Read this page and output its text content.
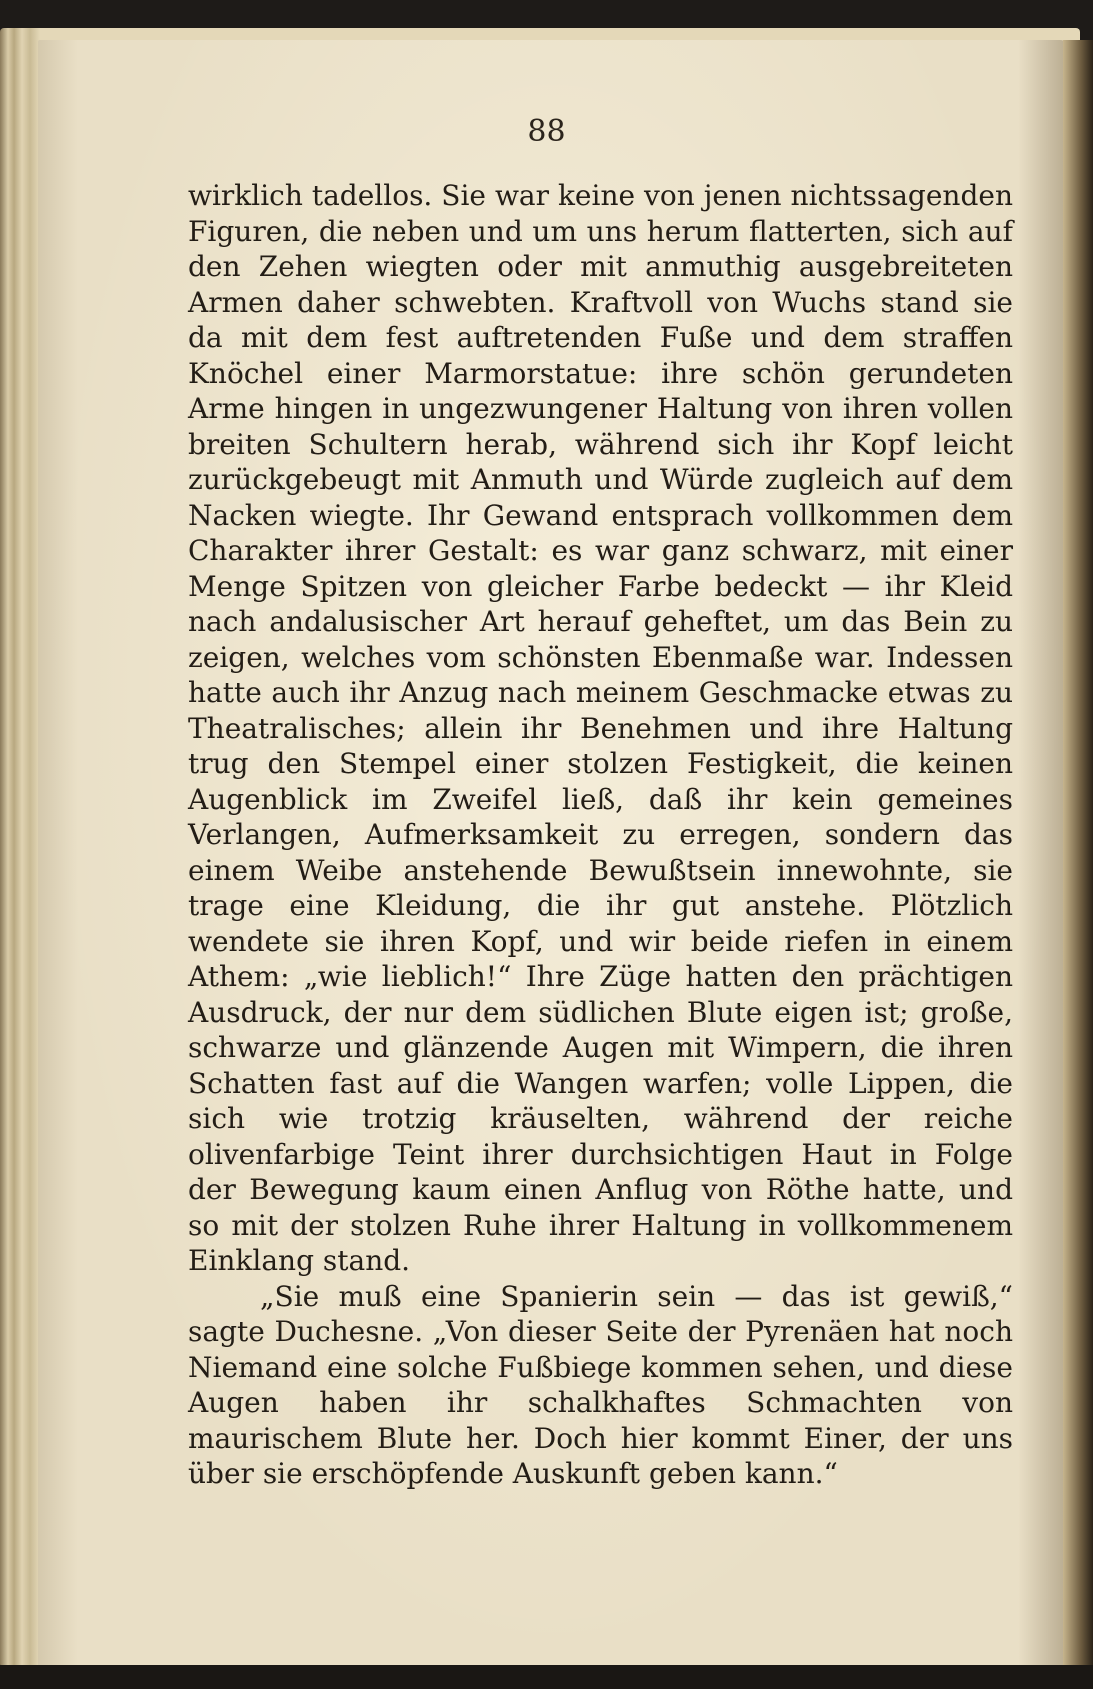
88

wirklich tadellos. Sie war keine von jenen nichtssagenden Figuren, die neben und um uns herum flatterten, sich auf den Zehen wiegten oder mit anmuthig ausgebreiteten Armen daher schwebten. Kraftvoll von Wuchs stand sie da mit dem fest auftretenden Fuße und dem straffen Knöchel einer Marmorstatue: ihre schön gerundeten Arme hingen in ungezwungener Haltung von ihren vollen breiten Schultern herab, während sich ihr Kopf leicht zurückgebeugt mit Anmuth und Würde zugleich auf dem Nacken wiegte. Ihr Gewand entsprach vollkommen dem Charakter ihrer Gestalt: es war ganz schwarz, mit einer Menge Spitzen von gleicher Farbe bedeckt — ihr Kleid nach andalusischer Art herauf geheftet, um das Bein zu zeigen, welches vom schönsten Ebenmaße war. Indessen hatte auch ihr Anzug nach meinem Geschmacke etwas zu Theatralisches; allein ihr Benehmen und ihre Haltung trug den Stempel einer stolzen Festigkeit, die keinen Augenblick im Zweifel ließ, daß ihr kein gemeines Verlangen, Aufmerksamkeit zu erregen, sondern das einem Weibe anstehende Bewußtsein innewohnte, sie trage eine Kleidung, die ihr gut anstehe. Plötzlich wendete sie ihren Kopf, und wir beide riefen in einem Athem: „wie lieblich!“ Ihre Züge hatten den prächtigen Ausdruck, der nur dem südlichen Blute eigen ist; große, schwarze und glänzende Augen mit Wimpern, die ihren Schatten fast auf die Wangen warfen; volle Lippen, die sich wie trotzig kräuselten, während der reiche olivenfarbige Teint ihrer durchsichtigen Haut in Folge der Bewegung kaum einen Anflug von Röthe hatte, und so mit der stolzen Ruhe ihrer Haltung in vollkommenem Einklang stand.

„Sie muß eine Spanierin sein — das ist gewiß,“ sagte Duchesne. „Von dieser Seite der Pyrenäen hat noch Niemand eine solche Fußbiege kommen sehen, und diese Augen haben ihr schalkhaftes Schmachten von maurischem Blute her. Doch hier kommt Einer, der uns über sie erschöpfende Auskunft geben kann.“
